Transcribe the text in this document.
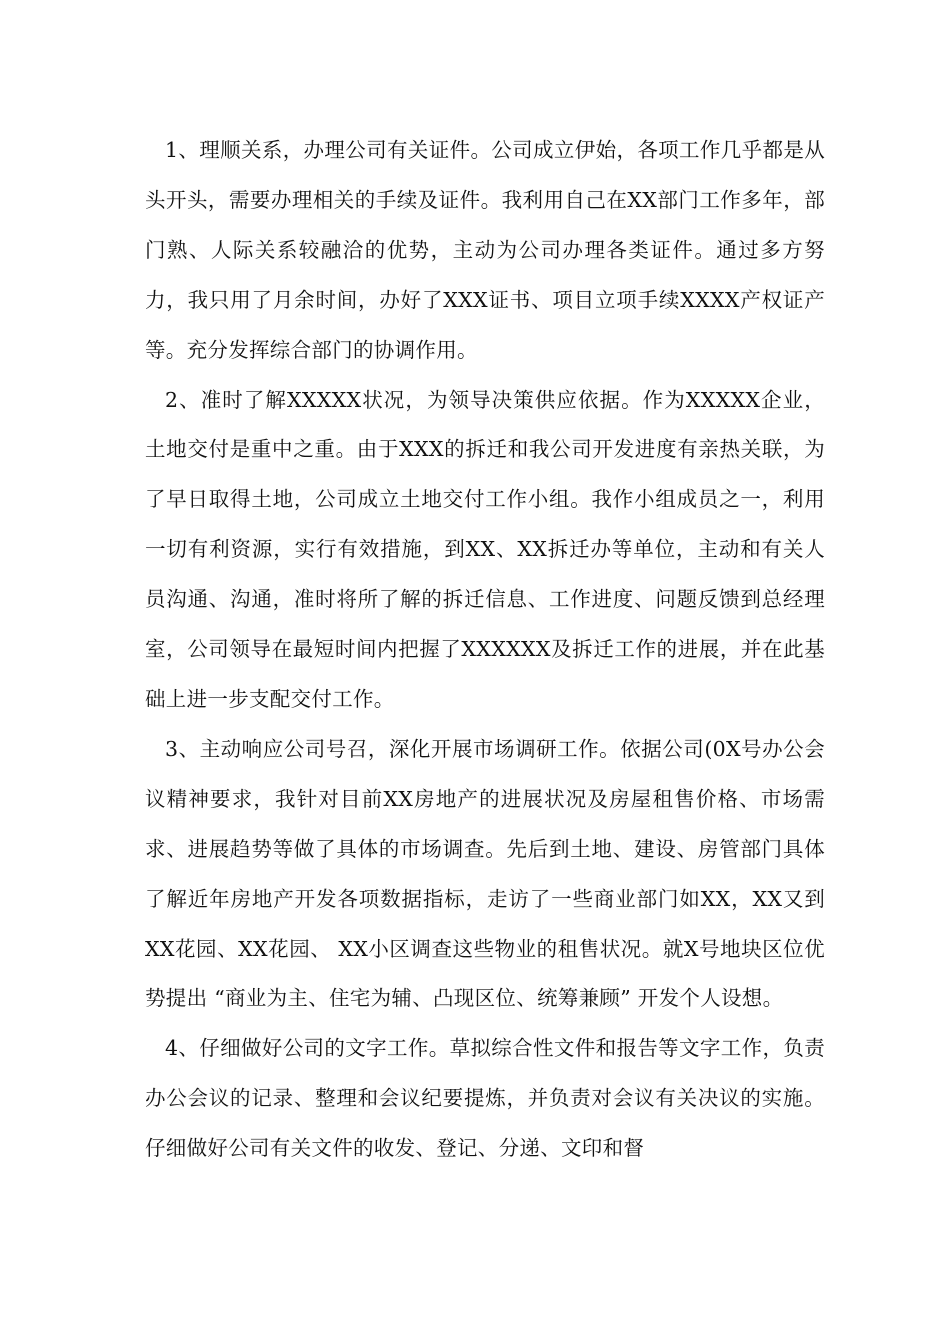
1、理顺关系，办理公司有关证件。公司成立伊始，各项工作几乎都是从头开头，需要办理相关的手续及证件。我利用自己在XX部门工作多年，部门熟、人际关系较融洽的优势，主动为公司办理各类证件。通过多方努力，我只用了月余时间，办好了XXX证书、项目立项手续XXXX产权证产等。充分发挥综合部门的协调作用。

2、准时了解XXXXX状况，为领导决策供应依据。作为XXXXX企业，土地交付是重中之重。由于XXX的拆迁和我公司开发进度有亲热关联，为了早日取得土地，公司成立土地交付工作小组。我作小组成员之一，利用一切有利资源，实行有效措施，到XX、XX拆迁办等单位，主动和有关人员沟通、沟通，准时将所了解的拆迁信息、工作进度、问题反馈到总经理室，公司领导在最短时间内把握了XXXXXX及拆迁工作的进展，并在此基础上进一步支配交付工作。

3、主动响应公司号召，深化开展市场调研工作。依据公司(0X号办公会议精神要求，我针对目前XX房地产的进展状况及房屋租售价格、市场需求、进展趋势等做了具体的市场调查。先后到土地、建设、房管部门具体了解近年房地产开发各项数据指标，走访了一些商业部门如XX，XX又到XX花园、XX花园、 XX小区调查这些物业的租售状况。就X号地块区位优势提出 “商业为主、住宅为辅、凸现区位、统筹兼顾” 开发个人设想。

4、仔细做好公司的文字工作。草拟综合性文件和报告等文字工作，负责办公会议的记录、整理和会议纪要提炼，并负责对会议有关决议的实施。仔细做好公司有关文件的收发、登记、分递、文印和督
